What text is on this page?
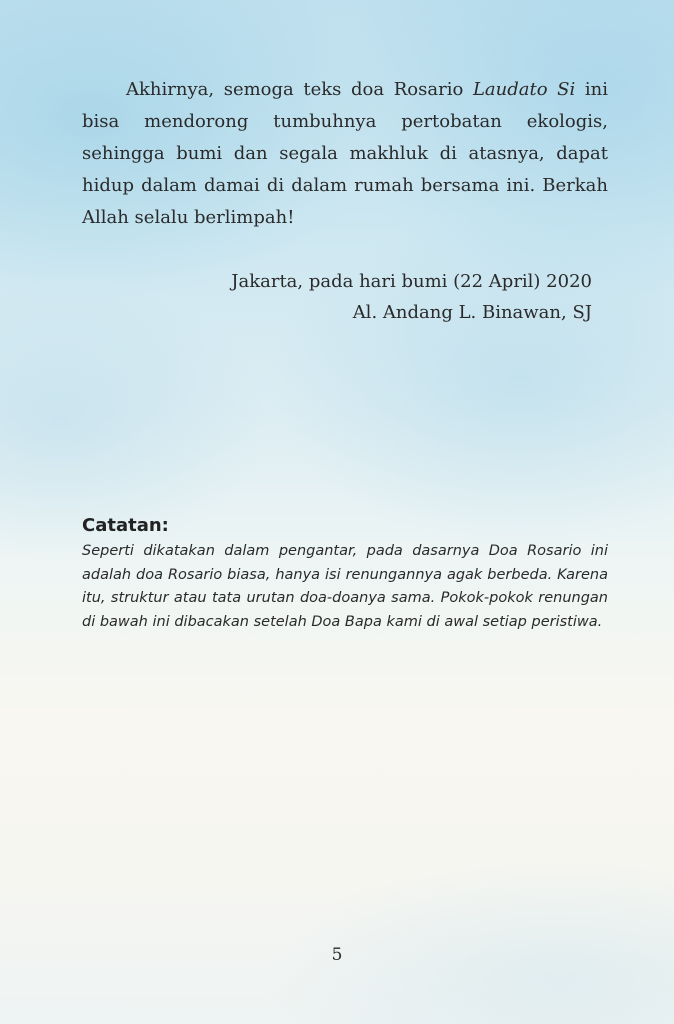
Akhirnya, semoga teks doa Rosario Laudato Si ini bisa mendorong tumbuhnya pertobatan ekologis, sehingga bumi dan segala makhluk di atasnya, dapat hidup dalam damai di dalam rumah bersama ini. Berkah Allah selalu berlimpah!

Jakarta, pada hari bumi (22 April) 2020
Al. Andang L. Binawan, SJ
Catatan:

Seperti dikatakan dalam pengantar, pada dasarnya Doa Rosario ini adalah doa Rosario biasa, hanya isi renungannya agak berbeda. Karena itu, struktur atau tata urutan doa-doanya sama. Pokok-pokok renungan di bawah ini dibacakan setelah Doa Bapa kami di awal setiap peristiwa.

5
